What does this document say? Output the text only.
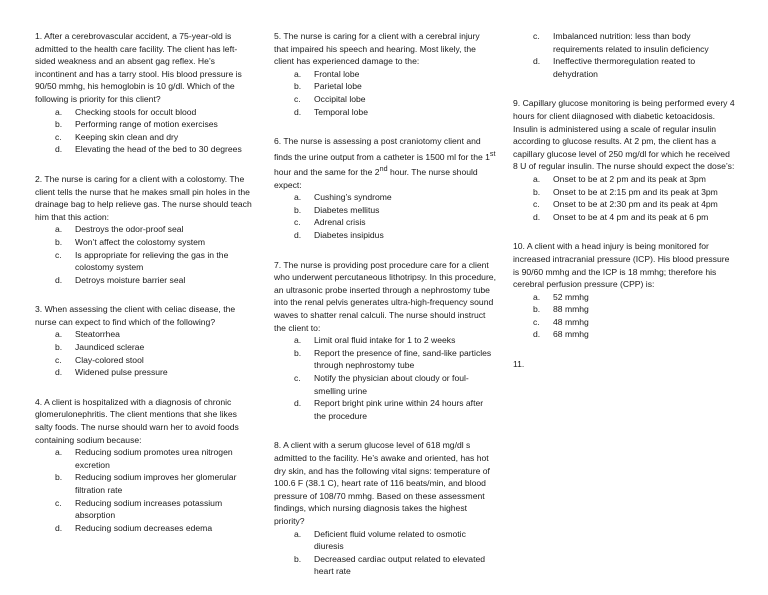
1. After a cerebrovascular accident, a 75-year-old is admitted to the health care facility. The client has left-sided weakness and an absent gag reflex. He’s incontinent and has a tarry stool. His blood pressure is 90/50 mmhg, his hemoglobin is 10 g/dl. Which of the following is priority for this client?

a. Checking stools for occult blood
b. Performing range of motion exercises
c. Keeping skin clean and dry
d. Elevating the head of the bed to 30 degrees

2. The nurse is caring for a client with a colostomy. The client tells the nurse that he makes small pin holes in the drainage bag to help relieve gas. The nurse should teach him that this action:

a. Destroys the odor-proof seal
b. Won’t affect the colostomy system
c. Is appropriate for relieving the gas in the colostomy system
d. Detroys moisture barrier seal

3. When assessing the client with celiac disease, the nurse can expect to find which of the following?

a. Steatorrhea
b. Jaundiced sclerae
c. Clay-colored stool
d. Widened pulse pressure

4. A client is hospitalized with a diagnosis of chronic glomerulonephritis. The client mentions that she likes salty foods. The nurse should warn her to avoid foods containing sodium because:

a. Reducing sodium promotes urea nitrogen excretion
b. Reducing sodium improves her glomerular filtration rate
c. Reducing sodium increases potassium absorption
d. Reducing sodium decreases edema

5. The nurse is caring for a client with a cerebral injury that impaired his speech and hearing. Most likely, the client has experienced damage to the:

a. Frontal lobe
b. Parietal lobe
c. Occipital lobe
d. Temporal lobe

6. The nurse is assessing a post craniotomy client and finds the urine output from a catheter is 1500 ml for the 1st hour and the same for the 2nd hour. The nurse should expect:

a. Cushing’s syndrome
b. Diabetes mellitus
c. Adrenal crisis
d. Diabetes insipidus

7. The nurse is providing post procedure care for a client who underwent percutaneous lithotripsy. In this procedure, an ultrasonic probe inserted through a nephrostomy tube into the renal pelvis generates ultra-high-frequency sound waves to shatter renal calculi. The nurse should instruct the client to:

a. Limit oral fluid intake for 1 to 2 weeks
b. Report the presence of fine, sand-like particles through nephrostomy tube
c. Notify the physician about cloudy or foul-smelling urine
d. Report bright pink urine within 24 hours after the procedure

8. A client with a serum glucose level of 618 mg/dl s admitted to the facility. He’s awake and oriented, has hot dry skin, and has the following vital signs: temperature of 100.6 F (38.1 C), heart rate of 116 beats/min, and blood pressure of 108/70 mmhg. Based on these assessment findings, which nursing diagnosis takes the highest priority?

a. Deficient fluid volume related to osmotic diuresis
b. Decreased cardiac output related to elevated heart rate
c. Imbalanced nutrition: less than body requirements related to insulin deficiency
d. Ineffective thermoregulation reated to dehydration

9. Capillary glucose monitoring is being performed every 4 hours for client diiagnosed with diabetic ketoacidosis. Insulin is administered using a scale of regular insulin according to glucose results. At 2 pm, the client has a capillary glucose level of 250 mg/dl for which he received 8 U of regular insulin. The nurse should expect the dose’s:

a. Onset to be at 2 pm and its peak at 3pm
b. Onset to be at 2:15 pm and its peak at 3pm
c. Onset to be at 2:30 pm and its peak at 4pm
d. Onset to be at 4 pm and its peak at 6 pm

10. A client with a head injury is being monitored for increased intracranial pressure (ICP). His blood pressure is 90/60 mmhg and the ICP is 18 mmhg; therefore his cerebral perfusion pressure (CPP) is:

a. 52 mmhg
b. 88 mmhg
c. 48 mmhg
d. 68 mmhg

11.
